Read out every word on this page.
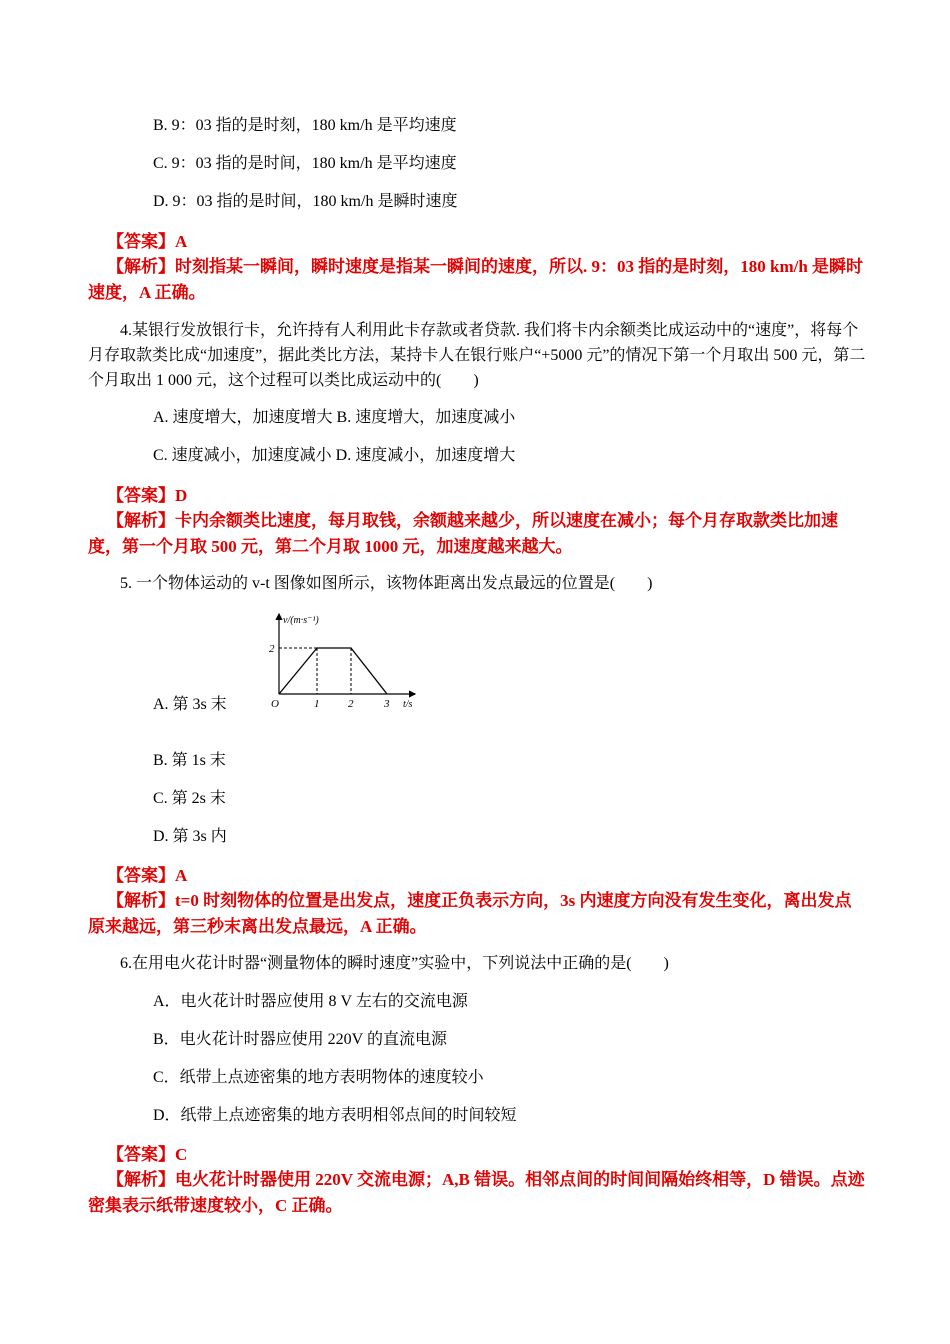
B. 9：03 指的是时刻，180 km/h 是平均速度
C. 9：03 指的是时间，180 km/h 是平均速度
D. 9：03 指的是时间，180 km/h 是瞬时速度
【答案】A
【解析】时刻指某一瞬间，瞬时速度是指某一瞬间的速度，所以. 9：03 指的是时刻，180 km/h 是瞬时速度，A 正确。
4.某银行发放银行卡，允许持有人利用此卡存款或者贷款. 我们将卡内余额类比成运动中的“速度”，将每个月存取款类比成“加速度”，据此类比方法，某持卡人在银行账户“+5000 元”的情况下第一个月取出 500 元，第二个月取出 1 000 元，这个过程可以类比成运动中的(　　)
A. 速度增大，加速度增大 B. 速度增大，加速度减小
C. 速度减小，加速度减小 D. 速度减小，加速度增大
【答案】D
【解析】卡内余额类比速度，每月取钱，余额越来越少，所以速度在减小；每个月存取款类比加速度，第一个月取 500 元，第二个月取 1000 元，加速度越来越大。
5. 一个物体运动的 v-t 图像如图所示，该物体距离出发点最远的位置是(　　)
v/(m·s⁻¹)
2
O	1	2	3 t/s
A. 第 3s 末
B. 第 1s 末
C. 第 2s 末
D. 第 3s 内
【答案】A
【解析】t=0 时刻物体的位置是出发点，速度正负表示方向，3s 内速度方向没有发生变化，离出发点原来越远，第三秒末离出发点最远，A 正确。
6.在用电火花计时器“测量物体的瞬时速度”实验中，下列说法中正确的是(　　)
A．电火花计时器应使用 8 V 左右的交流电源
B．电火花计时器应使用 220V 的直流电源
C．纸带上点迹密集的地方表明物体的速度较小
D．纸带上点迹密集的地方表明相邻点间的时间较短
【答案】C
【解析】电火花计时器使用 220V 交流电源；A,B 错误。相邻点间的时间间隔始终相等，D 错误。点迹密集表示纸带速度较小，C 正确。
